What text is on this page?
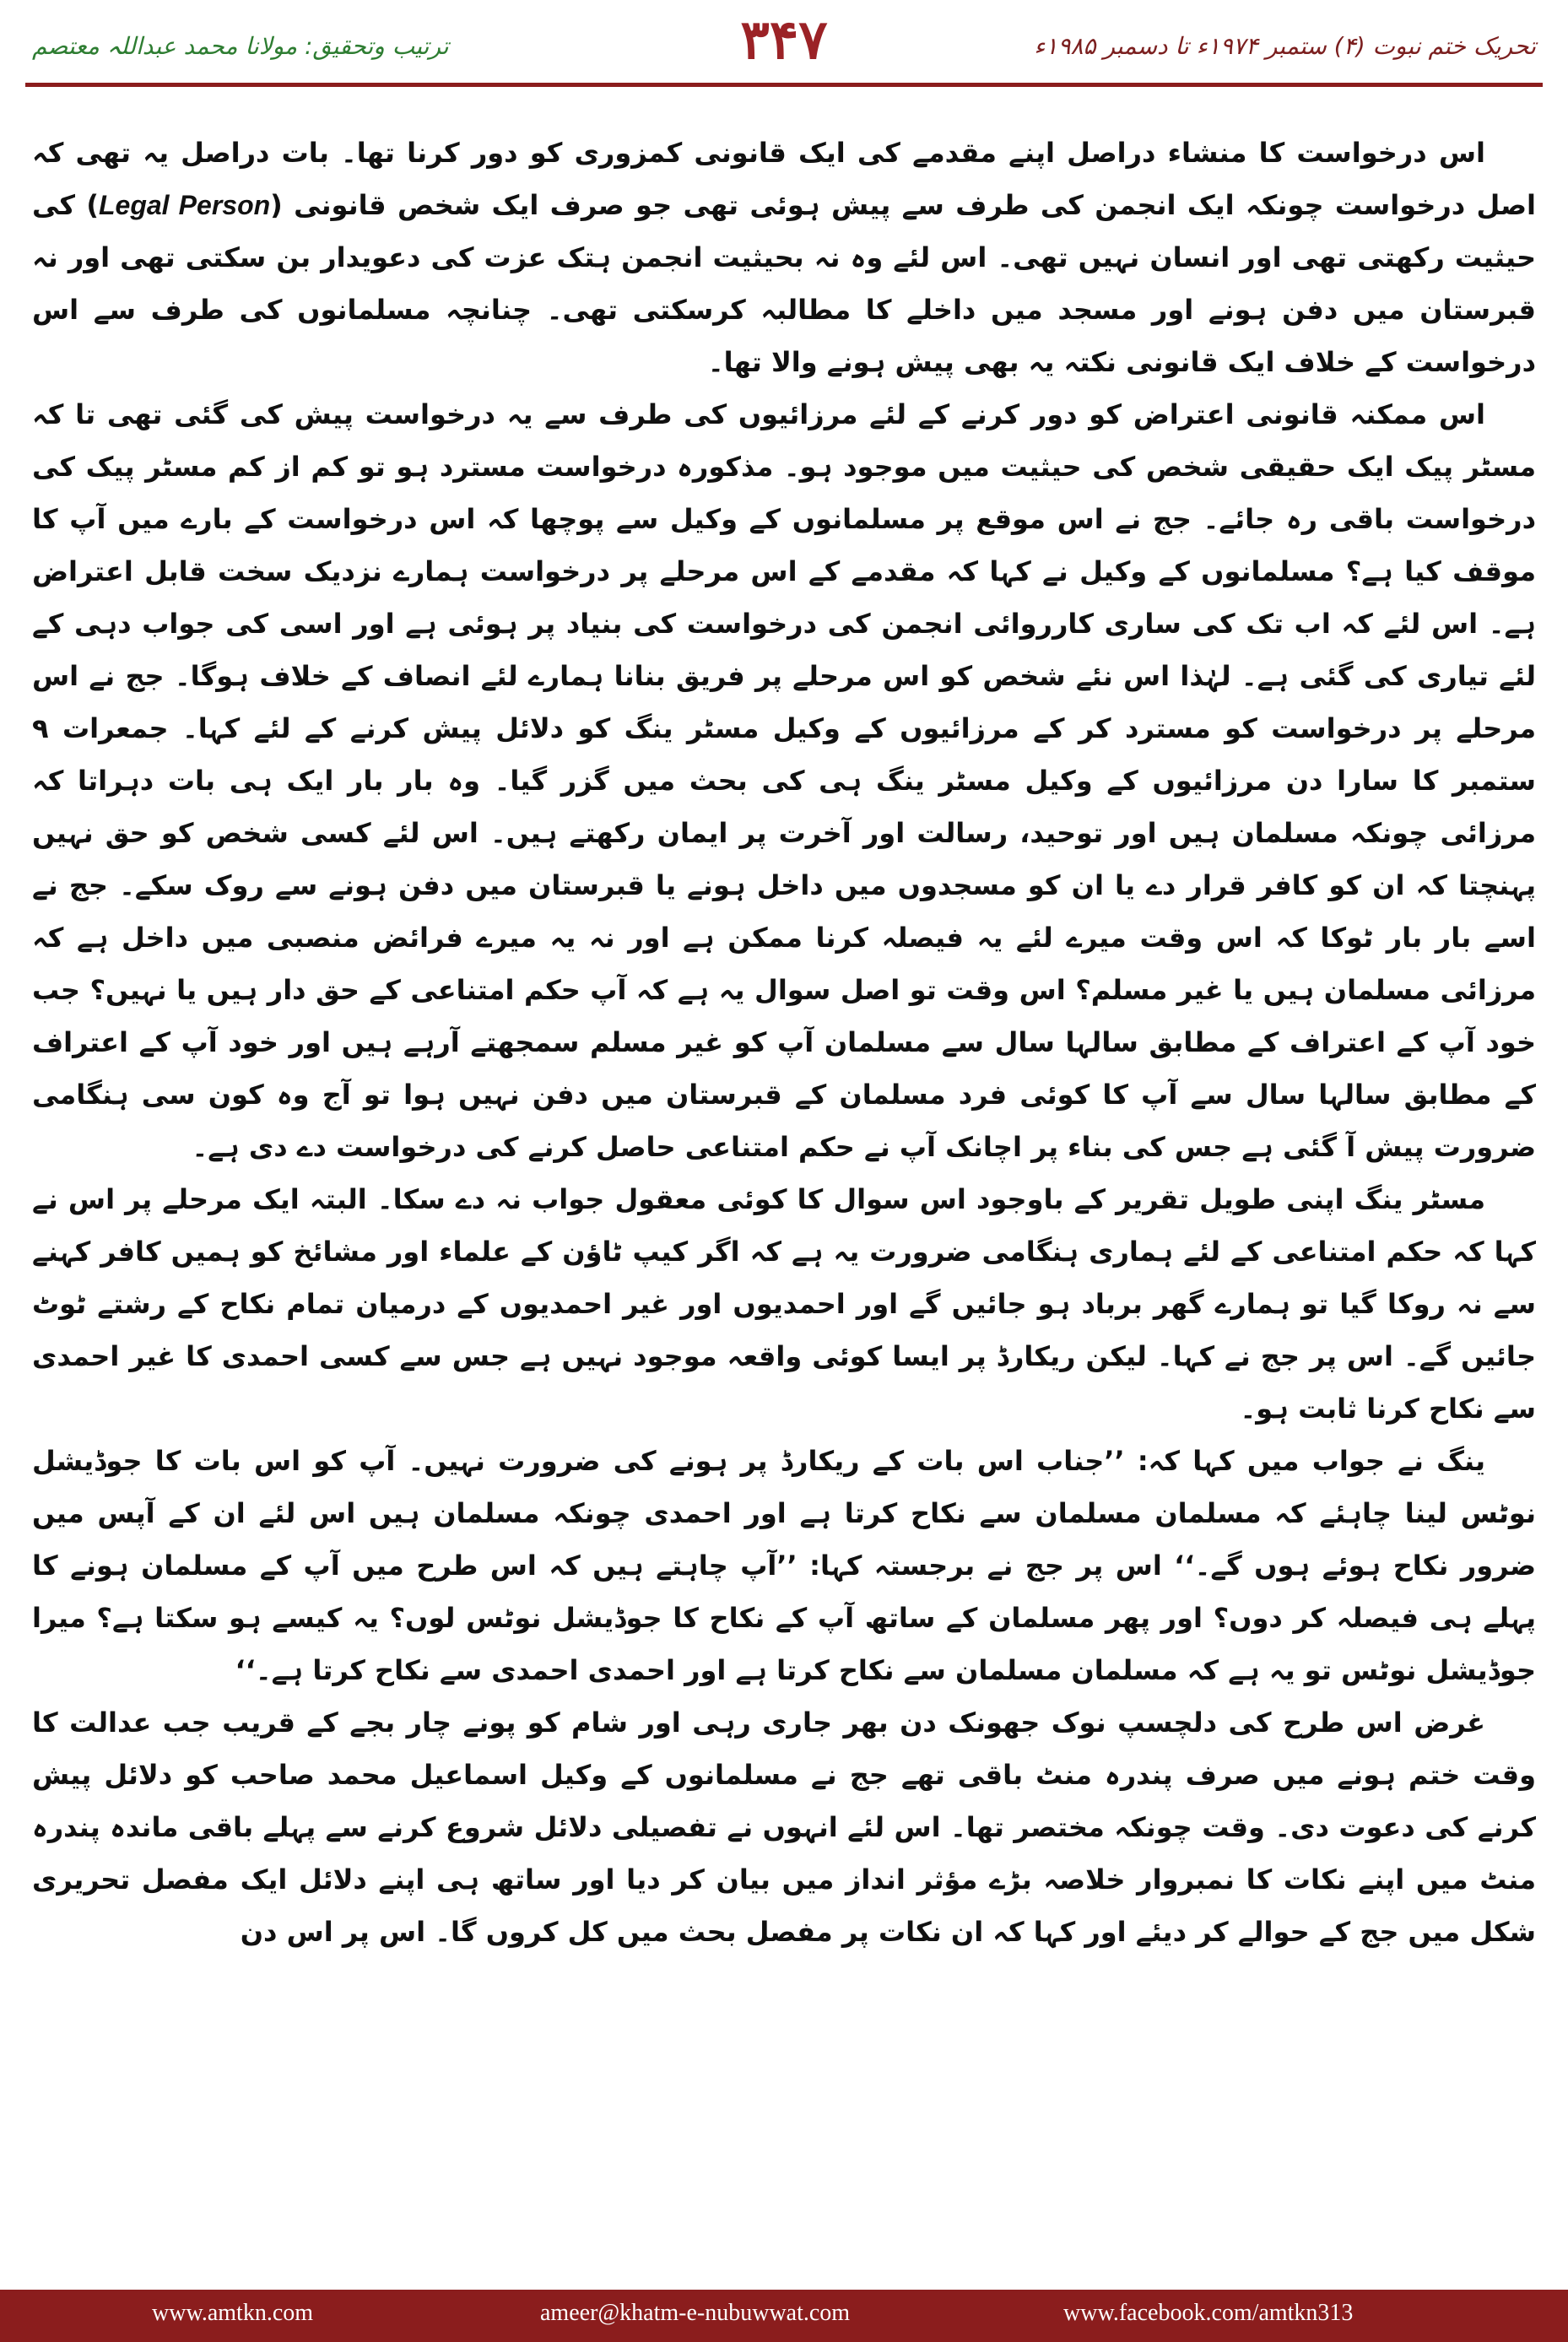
ترتیب وتحقیق: مولانا محمد عبداللہ معتصم	۳۴۷	تحریک ختم نبوت (۴) ستمبر ۱۹۷۴ء تا دسمبر ۱۹۸۵ء

اس درخواست کا منشاء دراصل اپنے مقدمے کی ایک قانونی کمزوری کو دور کرنا تھا۔ بات دراصل یہ تھی کہ اصل درخواست چونکہ ایک انجمن کی طرف سے پیش ہوئی تھی جو صرف ایک شخص قانونی (Legal Person) کی حیثیت رکھتی تھی اور انسان نہیں تھی۔ اس لئے وہ نہ بحیثیت انجمن ہتک عزت کی دعویدار بن سکتی تھی اور نہ قبرستان میں دفن ہونے اور مسجد میں داخلے کا مطالبہ کرسکتی تھی۔ چنانچہ مسلمانوں کی طرف سے اس درخواست کے خلاف ایک قانونی نکتہ یہ بھی پیش ہونے والا تھا۔

اس ممکنہ قانونی اعتراض کو دور کرنے کے لئے مرزائیوں کی طرف سے یہ درخواست پیش کی گئی تھی تا کہ مسٹر پیک ایک حقیقی شخص کی حیثیت میں موجود ہو۔ مذکورہ درخواست مسترد ہو تو کم از کم مسٹر پیک کی درخواست باقی رہ جائے۔ جج نے اس موقع پر مسلمانوں کے وکیل سے پوچھا کہ اس درخواست کے بارے میں آپ کا موقف کیا ہے؟ مسلمانوں کے وکیل نے کہا کہ مقدمے کے اس مرحلے پر درخواست ہمارے نزدیک سخت قابل اعتراض ہے۔ اس لئے کہ اب تک کی ساری کارروائی انجمن کی درخواست کی بنیاد پر ہوئی ہے اور اسی کی جواب دہی کے لئے تیاری کی گئی ہے۔ لہٰذا اس نئے شخص کو اس مرحلے پر فریق بنانا ہمارے لئے انصاف کے خلاف ہوگا۔ جج نے اس مرحلے پر درخواست کو مسترد کر کے مرزائیوں کے وکیل مسٹر ینگ کو دلائل پیش کرنے کے لئے کہا۔ جمعرات ۹ ستمبر کا سارا دن مرزائیوں کے وکیل مسٹر ینگ ہی کی بحث میں گزر گیا۔ وہ بار بار ایک ہی بات دہراتا کہ مرزائی چونکہ مسلمان ہیں اور توحید، رسالت اور آخرت پر ایمان رکھتے ہیں۔ اس لئے کسی شخص کو حق نہیں پہنچتا کہ ان کو کافر قرار دے یا ان کو مسجدوں میں داخل ہونے یا قبرستان میں دفن ہونے سے روک سکے۔ جج نے اسے بار بار ٹوکا کہ اس وقت میرے لئے یہ فیصلہ کرنا ممکن ہے اور نہ یہ میرے فرائض منصبی میں داخل ہے کہ مرزائی مسلمان ہیں یا غیر مسلم؟ اس وقت تو اصل سوال یہ ہے کہ آپ حکم امتناعی کے حق دار ہیں یا نہیں؟ جب خود آپ کے اعتراف کے مطابق سالہا سال سے مسلمان آپ کو غیر مسلم سمجھتے آرہے ہیں اور خود آپ کے اعتراف کے مطابق سالہا سال سے آپ کا کوئی فرد مسلمان کے قبرستان میں دفن نہیں ہوا تو آج وہ کون سی ہنگامی ضرورت پیش آ گئی ہے جس کی بناء پر اچانک آپ نے حکم امتناعی حاصل کرنے کی درخواست دے دی ہے۔

مسٹر ینگ اپنی طویل تقریر کے باوجود اس سوال کا کوئی معقول جواب نہ دے سکا۔ البتہ ایک مرحلے پر اس نے کہا کہ حکم امتناعی کے لئے ہماری ہنگامی ضرورت یہ ہے کہ اگر کیپ ٹاؤن کے علماء اور مشائخ کو ہمیں کافر کہنے سے نہ روکا گیا تو ہمارے گھر برباد ہو جائیں گے اور احمدیوں اور غیر احمدیوں کے درمیان تمام نکاح کے رشتے ٹوٹ جائیں گے۔ اس پر جج نے کہا۔ لیکن ریکارڈ پر ایسا کوئی واقعہ موجود نہیں ہے جس سے کسی احمدی کا غیر احمدی سے نکاح کرنا ثابت ہو۔

ینگ نے جواب میں کہا کہ: ’’جناب اس بات کے ریکارڈ پر ہونے کی ضرورت نہیں۔ آپ کو اس بات کا جوڈیشل نوٹس لینا چاہئے کہ مسلمان مسلمان سے نکاح کرتا ہے اور احمدی چونکہ مسلمان ہیں اس لئے ان کے آپس میں ضرور نکاح ہوئے ہوں گے۔‘‘ اس پر جج نے برجستہ کہا: ’’آپ چاہتے ہیں کہ اس طرح میں آپ کے مسلمان ہونے کا پہلے ہی فیصلہ کر دوں؟ اور پھر مسلمان کے ساتھ آپ کے نکاح کا جوڈیشل نوٹس لوں؟ یہ کیسے ہو سکتا ہے؟ میرا جوڈیشل نوٹس تو یہ ہے کہ مسلمان مسلمان سے نکاح کرتا ہے اور احمدی احمدی سے نکاح کرتا ہے۔‘‘

غرض اس طرح کی دلچسپ نوک جھونک دن بھر جاری رہی اور شام کو پونے چار بجے کے قریب جب عدالت کا وقت ختم ہونے میں صرف پندرہ منٹ باقی تھے جج نے مسلمانوں کے وکیل اسماعیل محمد صاحب کو دلائل پیش کرنے کی دعوت دی۔ وقت چونکہ مختصر تھا۔ اس لئے انہوں نے تفصیلی دلائل شروع کرنے سے پہلے باقی ماندہ پندرہ منٹ میں اپنے نکات کا نمبروار خلاصہ بڑے مؤثر انداز میں بیان کر دیا اور ساتھ ہی اپنے دلائل ایک مفصل تحریری شکل میں جج کے حوالے کر دیئے اور کہا کہ ان نکات پر مفصل بحث میں کل کروں گا۔ اس پر اس دن

www.amtkn.com	ameer@khatm-e-nubuwwat.com	www.facebook.com/amtkn313
